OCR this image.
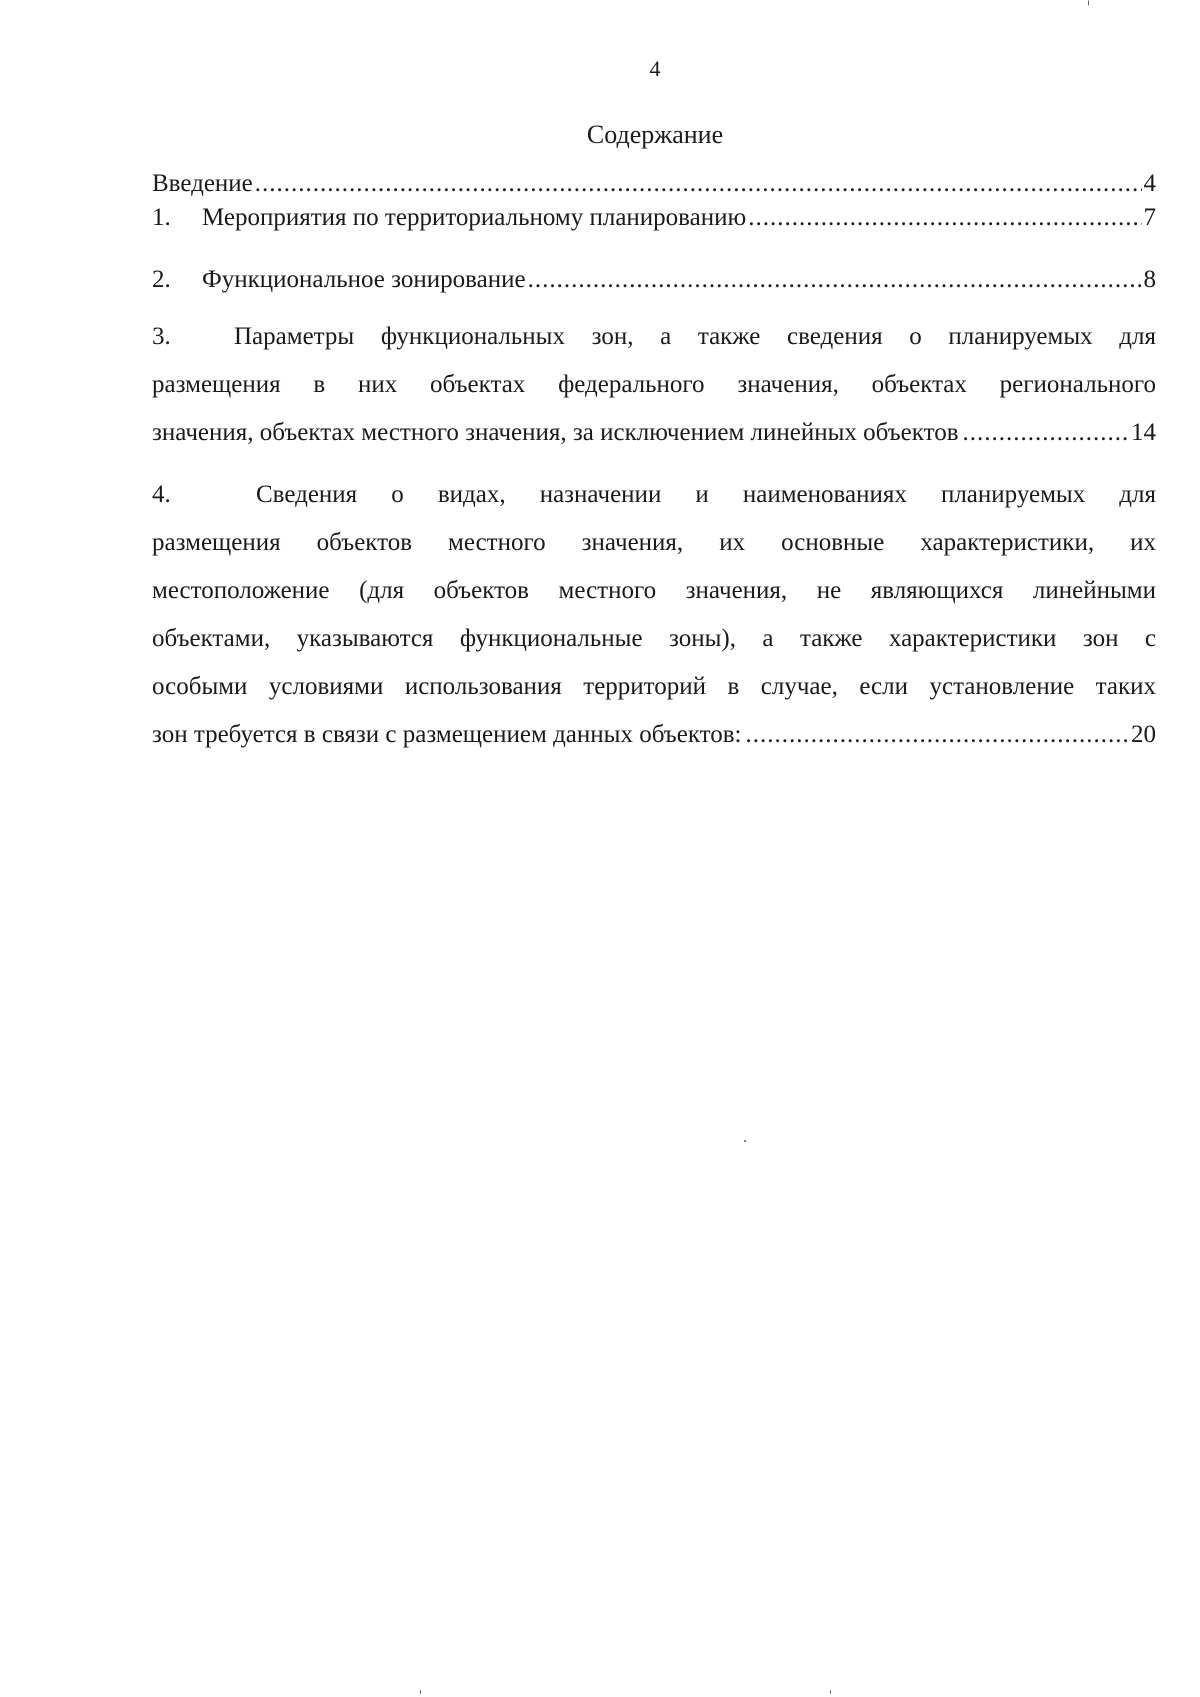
4
Содержание
Введение .....	4
1.	Мероприятия по территориальному планированию .....	7
2.	Функциональное зонирование .....	8
3.	Параметры функциональных зон, а также сведения о планируемых для
размещения в них объектах федерального значения, объектах регионального
значения, объектах местного значения, за исключением линейных объектов .....	14
4.	Сведения о видах, назначении и наименованиях планируемых для
размещения объектов местного значения, их основные характеристики, их
местоположение (для объектов местного значения, не являющихся линейными
объектами, указываются функциональные зоны), а также характеристики зон с
особыми условиями использования территорий в случае, если установление таких
зон требуется в связи с размещением данных объектов: .....	20
